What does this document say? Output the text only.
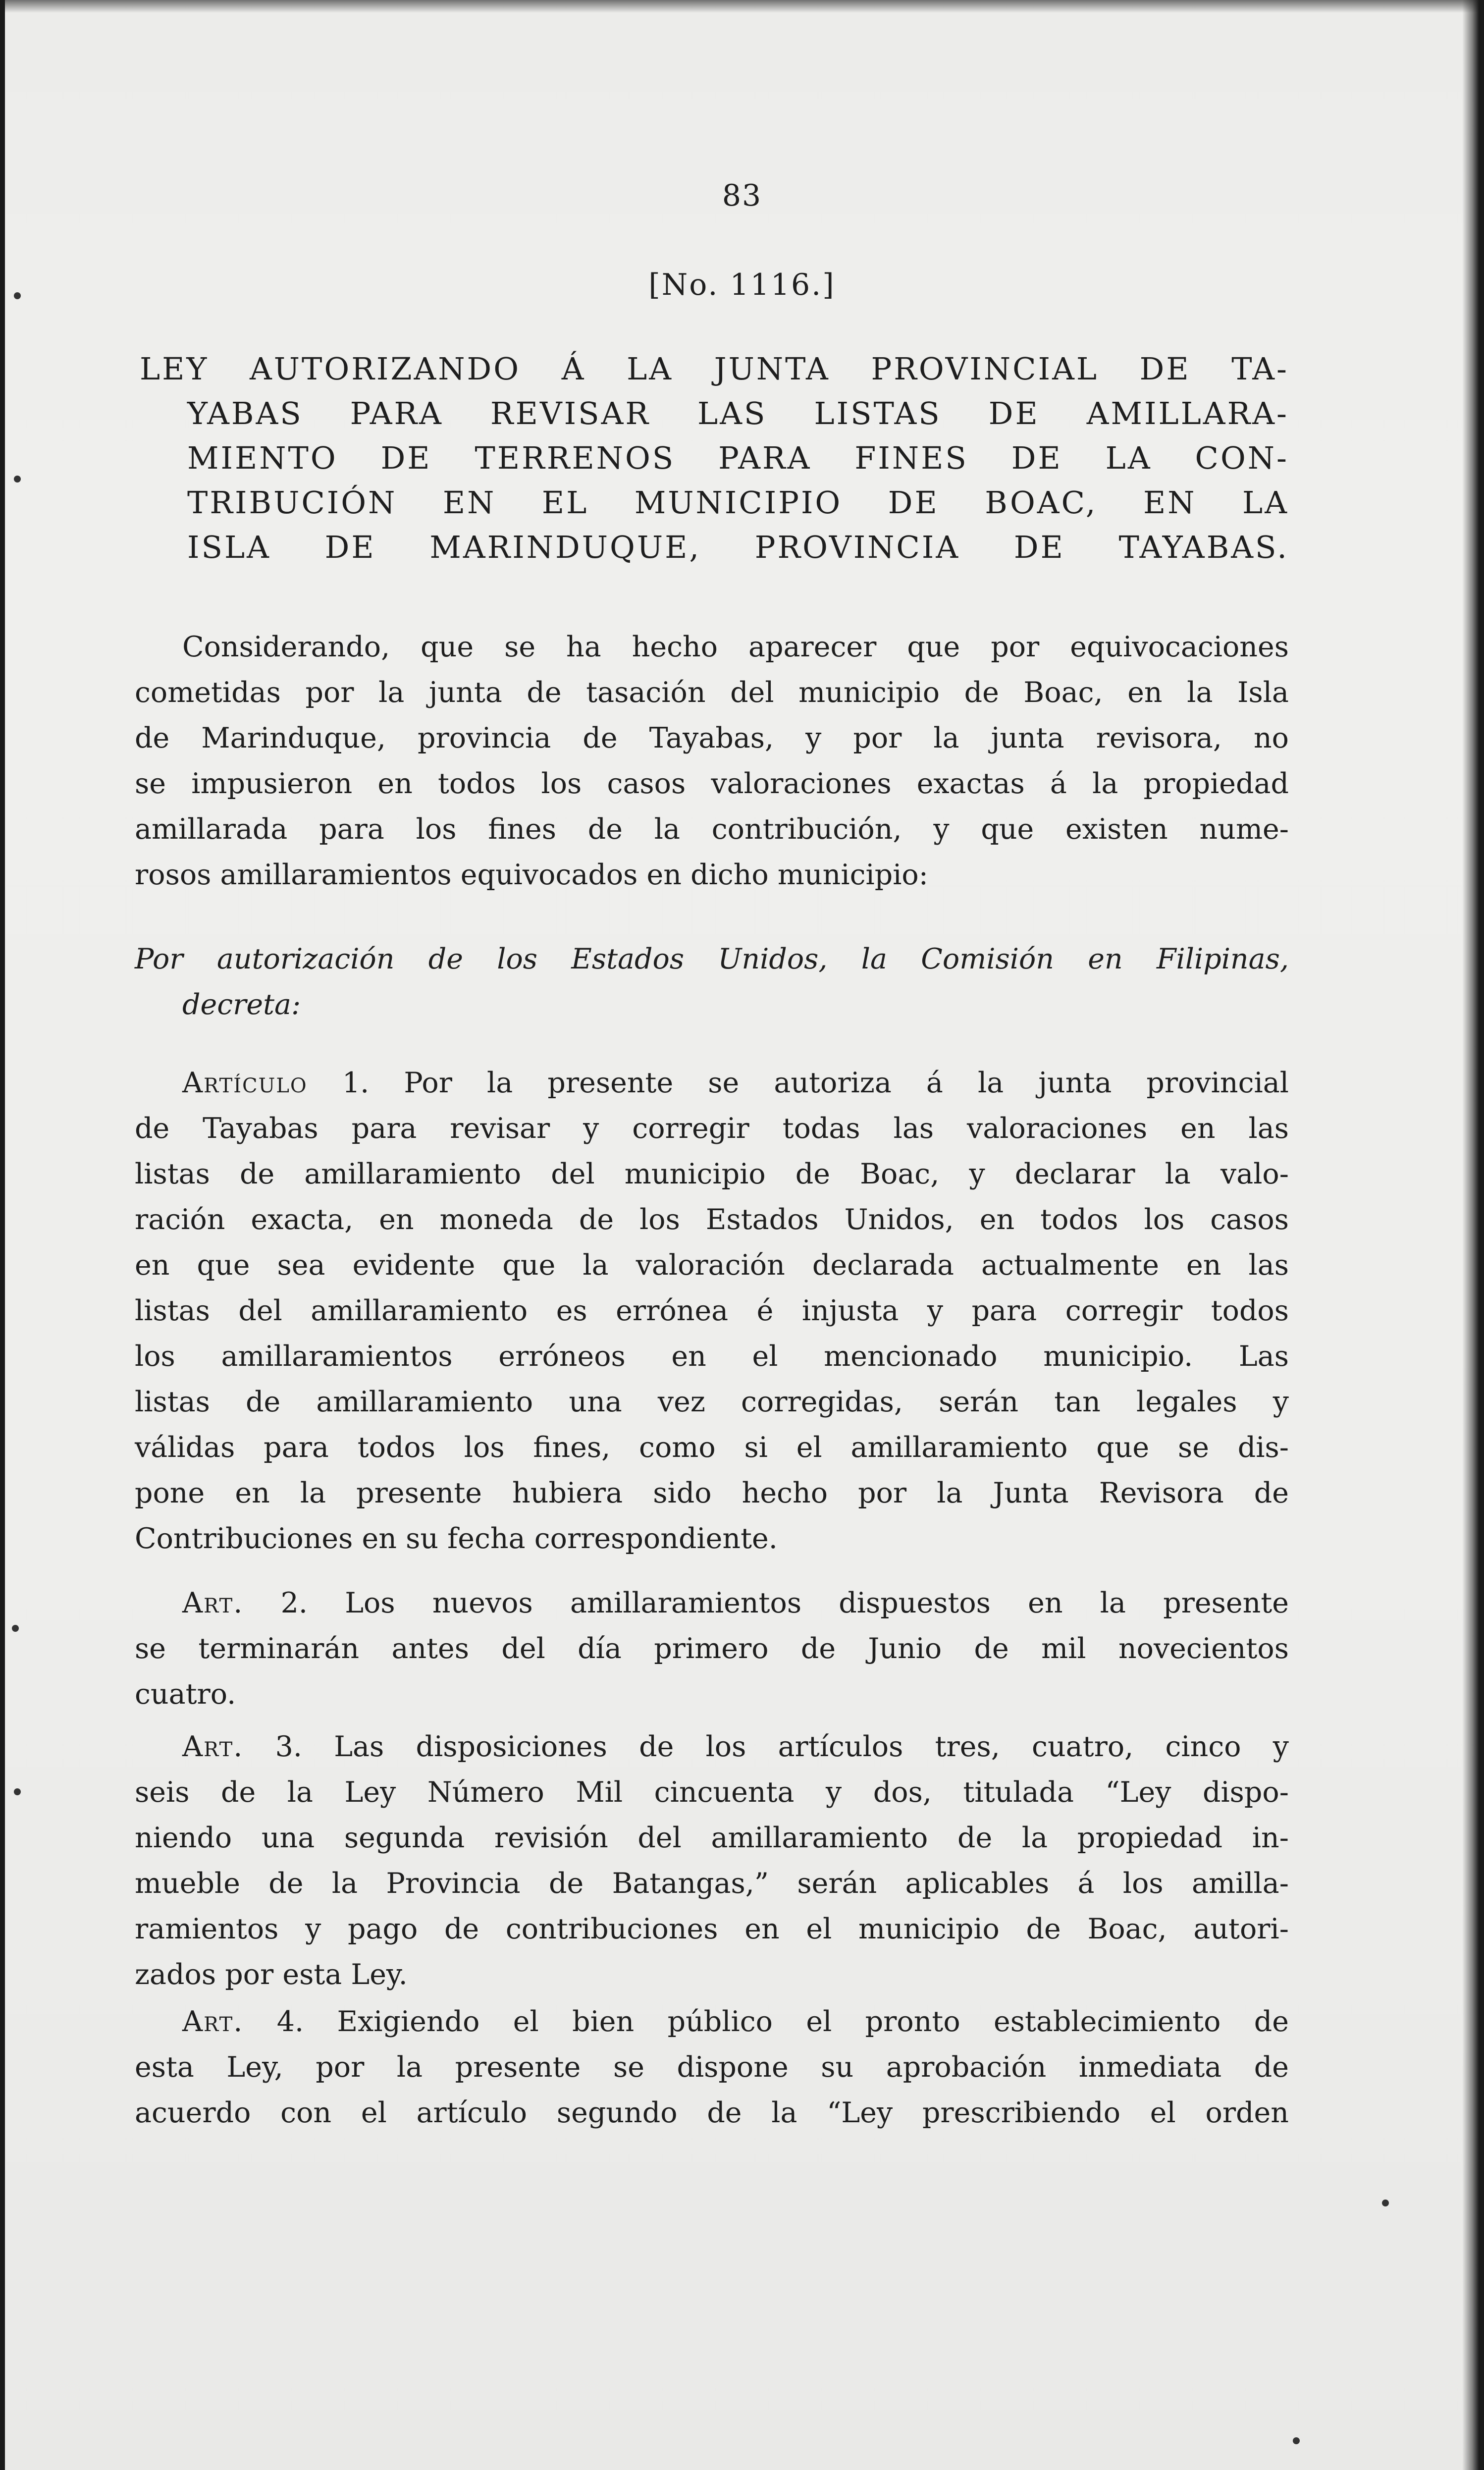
83
[No. 1116.]
LEY AUTORIZANDO Á LA JUNTA PROVINCIAL DE TA-
YABAS PARA REVISAR LAS LISTAS DE AMILLARA-
MIENTO DE TERRENOS PARA FINES DE LA CON-
TRIBUCIÓN EN EL MUNICIPIO DE BOAC, EN LA
ISLA DE MARINDUQUE, PROVINCIA DE TAYABAS.
Considerando, que se ha hecho aparecer que por equivocaciones
cometidas por la junta de tasación del municipio de Boac, en la Isla
de Marinduque, provincia de Tayabas, y por la junta revisora, no
se impusieron en todos los casos valoraciones exactas á la propiedad
amillarada para los fines de la contribución, y que existen nume-
rosos amillaramientos equivocados en dicho municipio:
Por autorización de los Estados Unidos, la Comisión en Filipinas,
decreta:
Artículo 1. Por la presente se autoriza á la junta provincial
de Tayabas para revisar y corregir todas las valoraciones en las
listas de amillaramiento del municipio de Boac, y declarar la valo-
ración exacta, en moneda de los Estados Unidos, en todos los casos
en que sea evidente que la valoración declarada actualmente en las
listas del amillaramiento es errónea é injusta y para corregir todos
los amillaramientos erróneos en el mencionado municipio. Las
listas de amillaramiento una vez corregidas, serán tan legales y
válidas para todos los fines, como si el amillaramiento que se dis-
pone en la presente hubiera sido hecho por la Junta Revisora de
Contribuciones en su fecha correspondiente.
Art. 2. Los nuevos amillaramientos dispuestos en la presente
se terminarán antes del día primero de Junio de mil novecientos
cuatro.
Art. 3. Las disposiciones de los artículos tres, cuatro, cinco y
seis de la Ley Número Mil cincuenta y dos, titulada “Ley dispo-
niendo una segunda revisión del amillaramiento de la propiedad in-
mueble de la Provincia de Batangas,” serán aplicables á los amilla-
ramientos y pago de contribuciones en el municipio de Boac, autori-
zados por esta Ley.
Art. 4. Exigiendo el bien público el pronto establecimiento de
esta Ley, por la presente se dispone su aprobación inmediata de
acuerdo con el artículo segundo de la “Ley prescribiendo el orden
